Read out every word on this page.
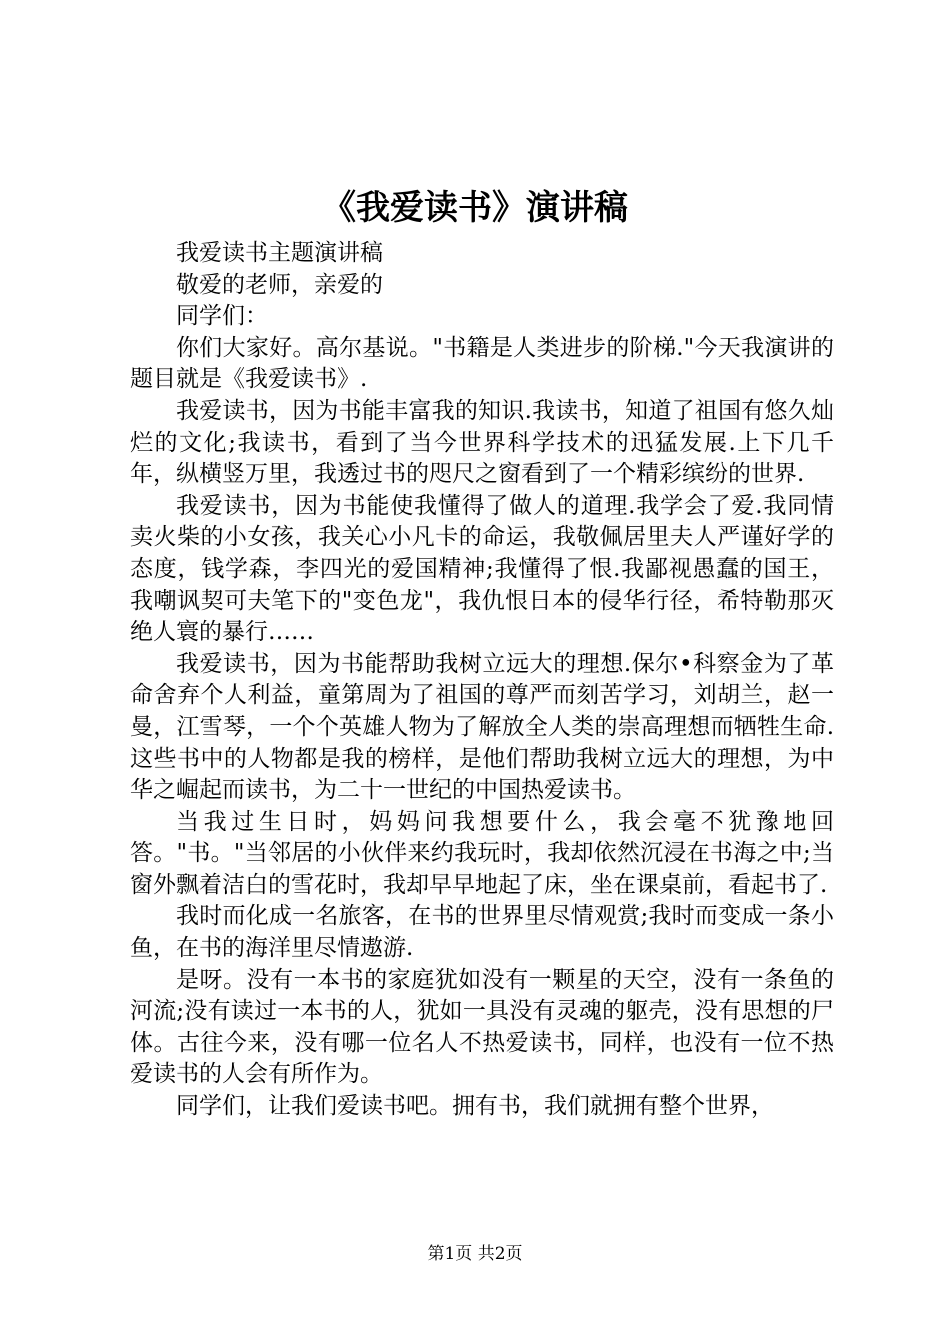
《我爱读书》演讲稿

我爱读书主题演讲稿

敬爱的老师，亲爱的

同学们：

你们大家好。高尔基说。"书籍是人类进步的阶梯."今天我演讲的题目就是《我爱读书》.

我爱读书，因为书能丰富我的知识.我读书，知道了祖国有悠久灿烂的文化;我读书，看到了当今世界科学技术的迅猛发展.上下几千年，纵横竖万里，我透过书的咫尺之窗看到了一个精彩缤纷的世界.

我爱读书，因为书能使我懂得了做人的道理.我学会了爱.我同情卖火柴的小女孩，我关心小凡卡的命运，我敬佩居里夫人严谨好学的态度，钱学森，李四光的爱国精神;我懂得了恨.我鄙视愚蠢的国王，我嘲讽契可夫笔下的"变色龙"，我仇恨日本的侵华行径，希特勒那灭绝人寰的暴行……

我爱读书，因为书能帮助我树立远大的理想.保尔•科察金为了革命舍弃个人利益，童第周为了祖国的尊严而刻苦学习，刘胡兰，赵一曼，江雪琴，一个个英雄人物为了解放全人类的崇高理想而牺牲生命.这些书中的人物都是我的榜样，是他们帮助我树立远大的理想，为中华之崛起而读书，为二十一世纪的中国热爱读书。

当我过生日时，妈妈问我想要什么，我会毫不犹豫地回答。"书。"当邻居的小伙伴来约我玩时，我却依然沉浸在书海之中;当窗外飘着洁白的雪花时，我却早早地起了床，坐在课桌前，看起书了.

我时而化成一名旅客，在书的世界里尽情观赏;我时而变成一条小鱼，在书的海洋里尽情遨游.

是呀。没有一本书的家庭犹如没有一颗星的天空，没有一条鱼的河流;没有读过一本书的人，犹如一具没有灵魂的躯壳，没有思想的尸体。古往今来，没有哪一位名人不热爱读书，同样，也没有一位不热爱读书的人会有所作为。

同学们，让我们爱读书吧。拥有书，我们就拥有整个世界，

第1页 共2页
